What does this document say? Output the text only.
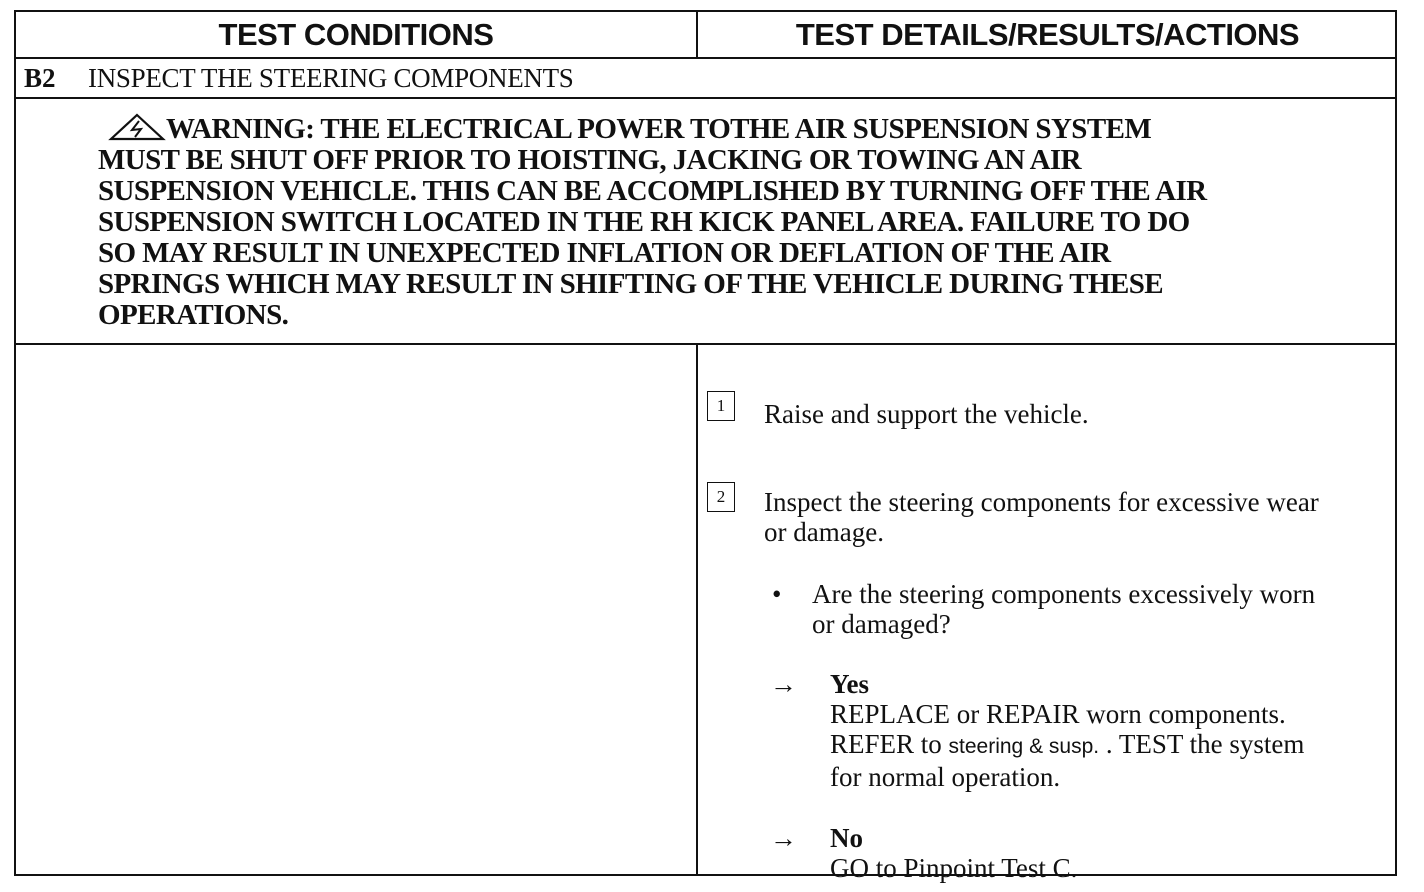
TEST CONDITIONS	TEST DETAILS/RESULTS/ACTIONS
B2	INSPECT THE STEERING COMPONENTS
WARNING: THE ELECTRICAL POWER TOTHE AIR SUSPENSION SYSTEM
MUST BE SHUT OFF PRIOR TO HOISTING, JACKING OR TOWING AN AIR
SUSPENSION VEHICLE. THIS CAN BE ACCOMPLISHED BY TURNING OFF THE AIR
SUSPENSION SWITCH LOCATED IN THE RH KICK PANEL AREA. FAILURE TO DO
SO MAY RESULT IN UNEXPECTED INFLATION OR DEFLATION OF THE AIR
SPRINGS WHICH MAY RESULT IN SHIFTING OF THE VEHICLE DURING THESE
OPERATIONS.
1	Raise and support the vehicle.
2	Inspect the steering components for excessive wear
or damage.
• Are the steering components excessively worn
or damaged?
→ Yes
REPLACE or REPAIR worn components.
REFER to steering & susp. . TEST the system
for normal operation.
→ No
GO to Pinpoint Test C.
